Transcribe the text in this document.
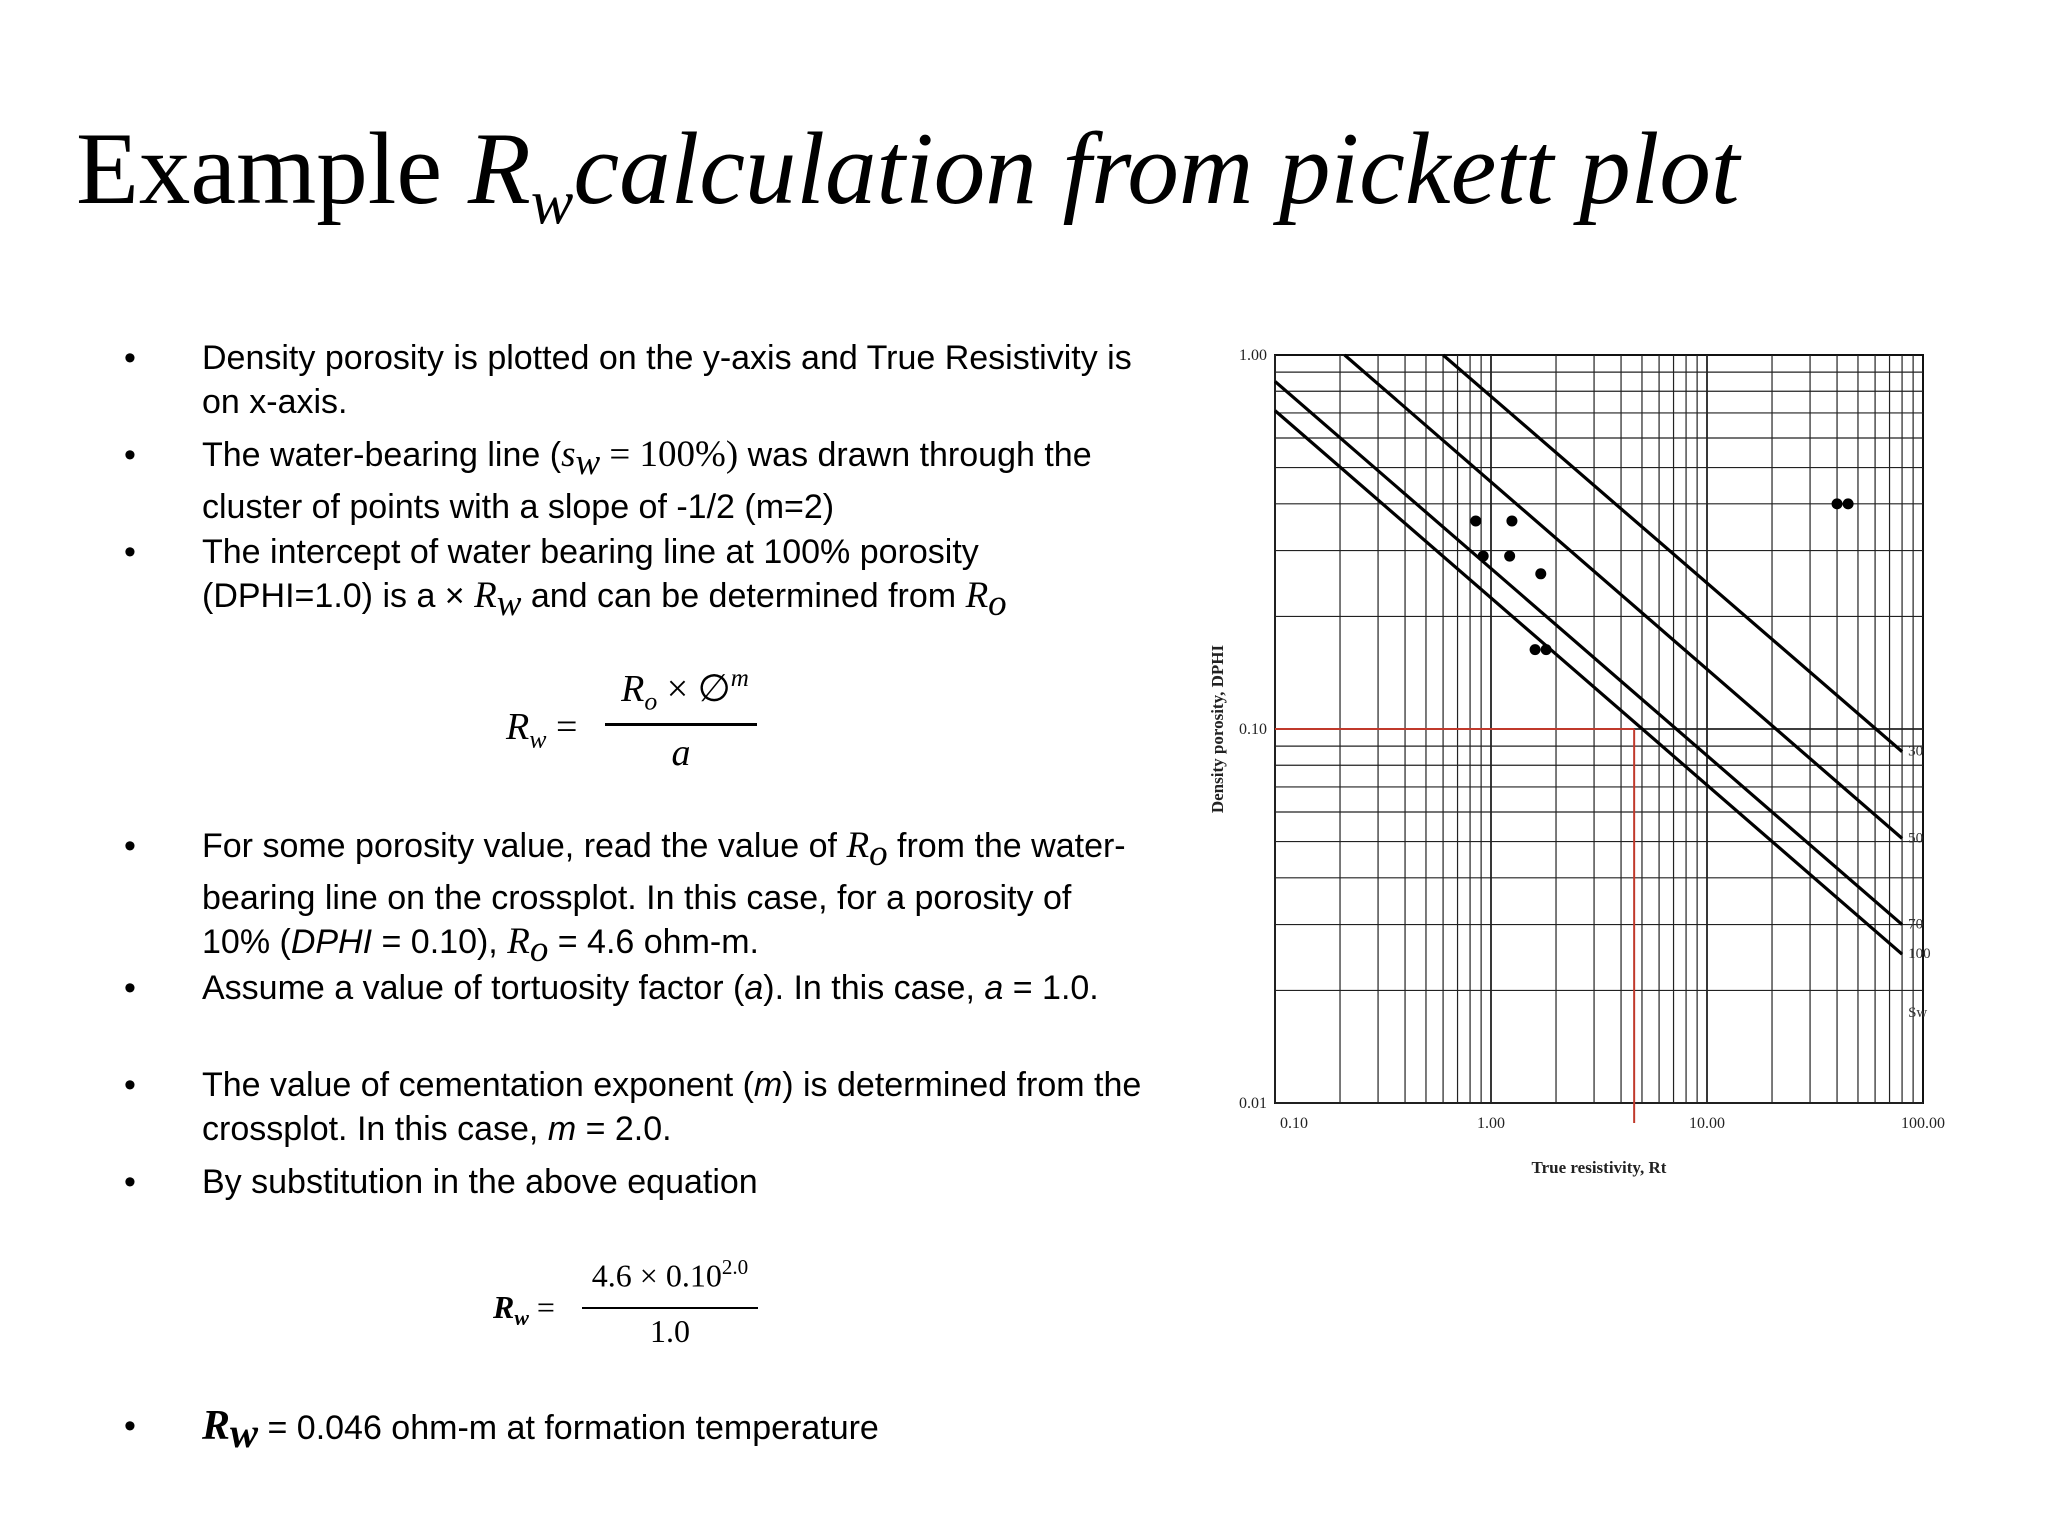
Example $R_wcalculation$ from pickett plot
• Density porosity is plotted on the y-axis and True Resistivity is on x-axis.
• The water-bearing line $(s_w = 100\%)$ was drawn through the cluster of points with a slope of -1/2 (m=2)
• The intercept of water bearing line at 100% porosity (DPHI=1.0) is $a \times R_w$ and can be determined from $R_o$
• For some porosity value, read the value of $R_o$ from the water-bearing line on the crossplot. In this case, for a porosity of 10% (DPHI = 0.10), $R_o = 4.6$ ohm-m.
• Assume a value of tortuosity factor (a). In this case, a = 1.0.
• The value of cementation exponent (m) is determined from the crossplot. In this case, m = 2.0.
• By substitution in the above equation
• $R_w = 0.046$ ohm-m at formation temperature
$R_w$ =
$R_o$ × ∅$^m$
a
$R_w$ =
$4.6 \times 0.10^{2.0}$
1.0
100
70
50
30
Sw
0.10	1.00	10.00	100.00
1.00
0.10
0.01
True resistivity, Rt
Density porosity, DPHI
